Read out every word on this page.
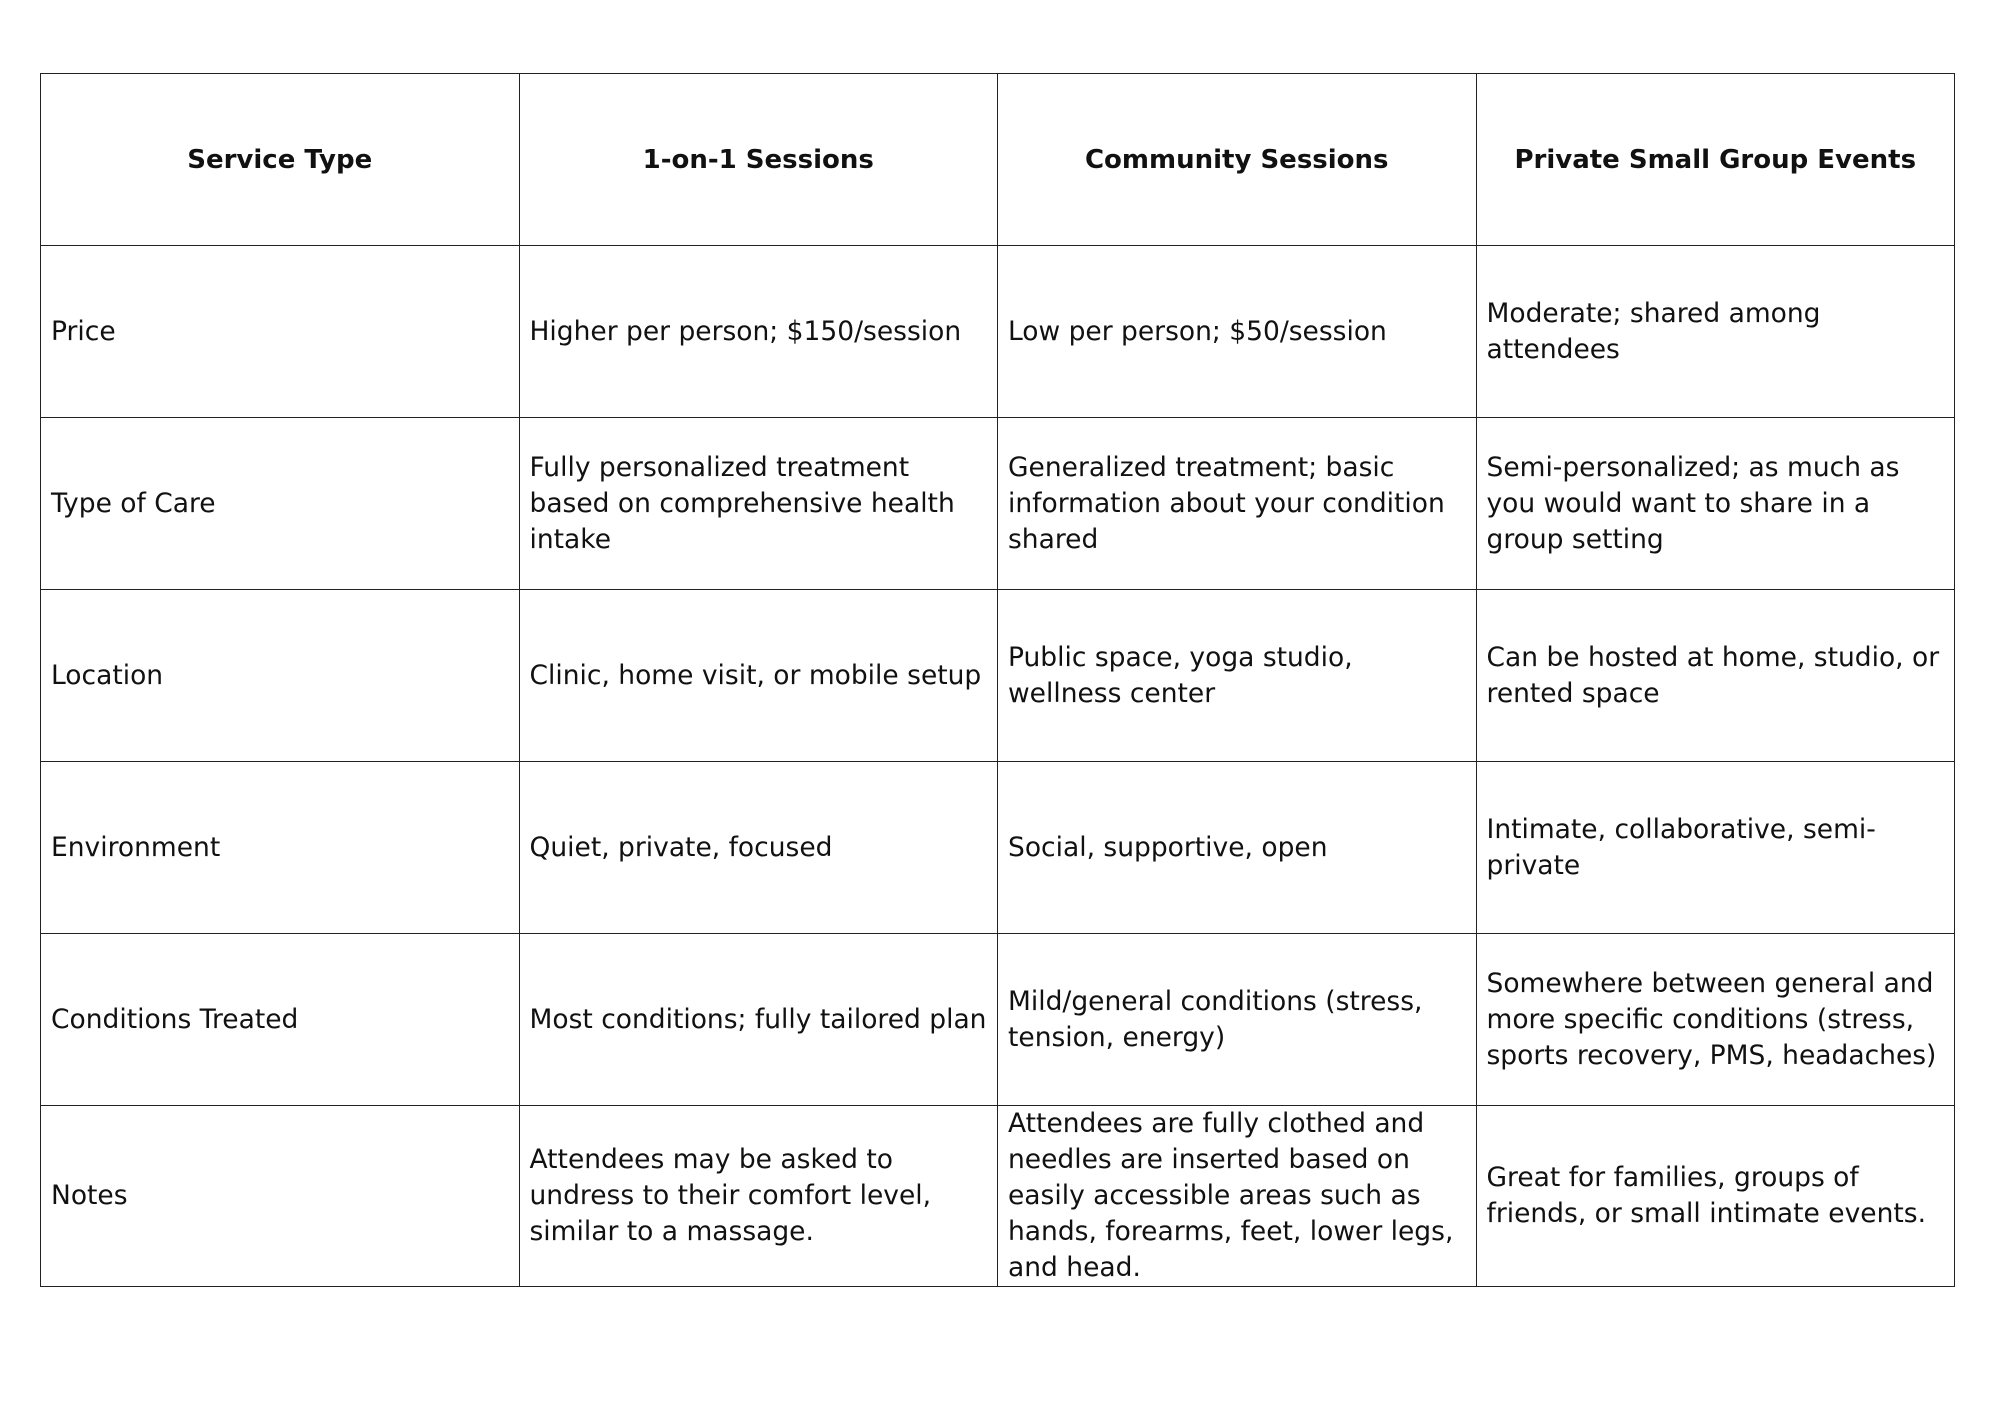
Service Type	1-on-1 Sessions	Community Sessions	Private Small Group Events
Price	Higher per person; $150/session	Low per person; $50/session	Moderate; shared among attendees
Type of Care	Fully personalized treatment based on comprehensive health intake	Generalized treatment; basic information about your condition shared	Semi-personalized; as much as you would want to share in a group setting
Location	Clinic, home visit, or mobile setup	Public space, yoga studio, wellness center	Can be hosted at home, studio, or rented space
Environment	Quiet, private, focused	Social, supportive, open	Intimate, collaborative, semi-private
Conditions Treated	Most conditions; fully tailored plan	Mild/general conditions (stress, tension, energy)	Somewhere between general and more specific conditions (stress, sports recovery, PMS, headaches)
Notes	Attendees may be asked to undress to their comfort level, similar to a massage.	Attendees are fully clothed and needles are inserted based on easily accessible areas such as hands, forearms, feet, lower legs, and head.	Great for families, groups of friends, or small intimate events.
